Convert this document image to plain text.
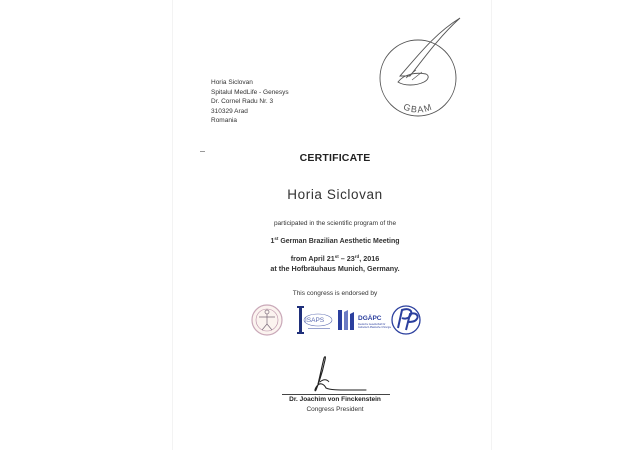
Horia Siclovan
Spitalul MedLife - Genesys
Dr. Cornel Radu Nr. 3
310329 Arad
Romania
GBAM
CERTIFICATE
Horia Siclovan
participated in the scientific program of the
1st German Brazilian Aesthetic Meeting
from April 21st – 23rd, 2016
at the Hofbräuhaus Munich, Germany.
This congress is endorsed by
ISAPS	DGÄPC
Deutsche Gesellschaft für
Ästhetisch-Plastische Chirurgie
Dr. Joachim von Finckenstein
Congress President
